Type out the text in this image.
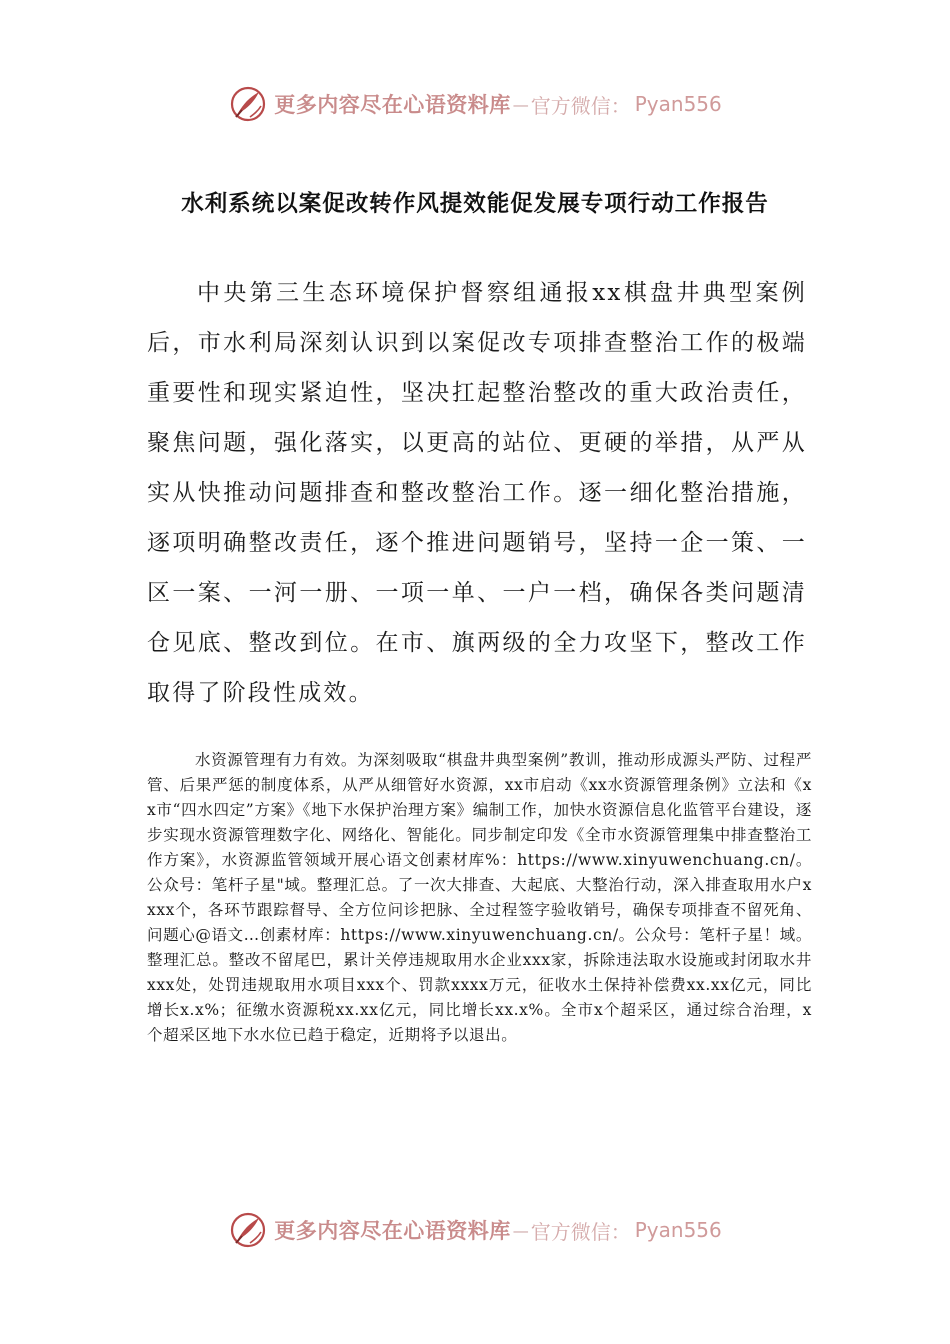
更多内容尽在心语资料库 — 官方微信： Pyan556
水利系统以案促改转作风提效能促发展专项行动工作报告

中央第三生态环境保护督察组通报xx棋盘井典型案例后，市水利局深刻认识到以案促改专项排查整治工作的极端重要性和现实紧迫性，坚决扛起整治整改的重大政治责任，聚焦问题，强化落实，以更高的站位、更硬的举措，从严从实从快推动问题排查和整改整治工作。逐一细化整治措施，逐项明确整改责任，逐个推进问题销号，坚持一企一策、一区一案、一河一册、一项一单、一户一档，确保各类问题清仓见底、整改到位。在市、旗两级的全力攻坚下，整改工作取得了阶段性成效。

水资源管理有力有效。为深刻吸取“棋盘井典型案例”教训，推动形成源头严防、过程严管、后果严惩的制度体系，从严从细管好水资源，xx市启动《xx水资源管理条例》立法和《xx市“四水四定”方案》《地下水保护治理方案》编制工作，加快水资源信息化监管平台建设，逐步实现水资源管理数字化、网络化、智能化。同步制定印发《全市水资源管理集中排查整治工作方案》，水资源监管领域开展心语文创素材库%：https://www.xinyuwenchuang.cn/。公众号：笔杆子星"域。整理汇总。了一次大排查、大起底、大整治行动，深入排查取用水户xxxx个，各环节跟踪督导、全方位问诊把脉、全过程签字验收销号，确保专项排查不留死角、问题心@语文…创素材库：https://www.xinyuwenchuang.cn/。公众号：笔杆子星！域。整理汇总。整改不留尾巴，累计关停违规取用水企业xxx家，拆除违法取水设施或封闭取水井xxx处，处罚违规取用水项目xxx个、罚款xxxx万元，征收水土保持补偿费xx.xx亿元，同比增长x.x%；征缴水资源税xx.xx亿元，同比增长xx.x%。全市x个超采区，通过综合治理，x个超采区地下水水位已趋于稳定，近期将予以退出。

更多内容尽在心语资料库 — 官方微信： Pyan556
